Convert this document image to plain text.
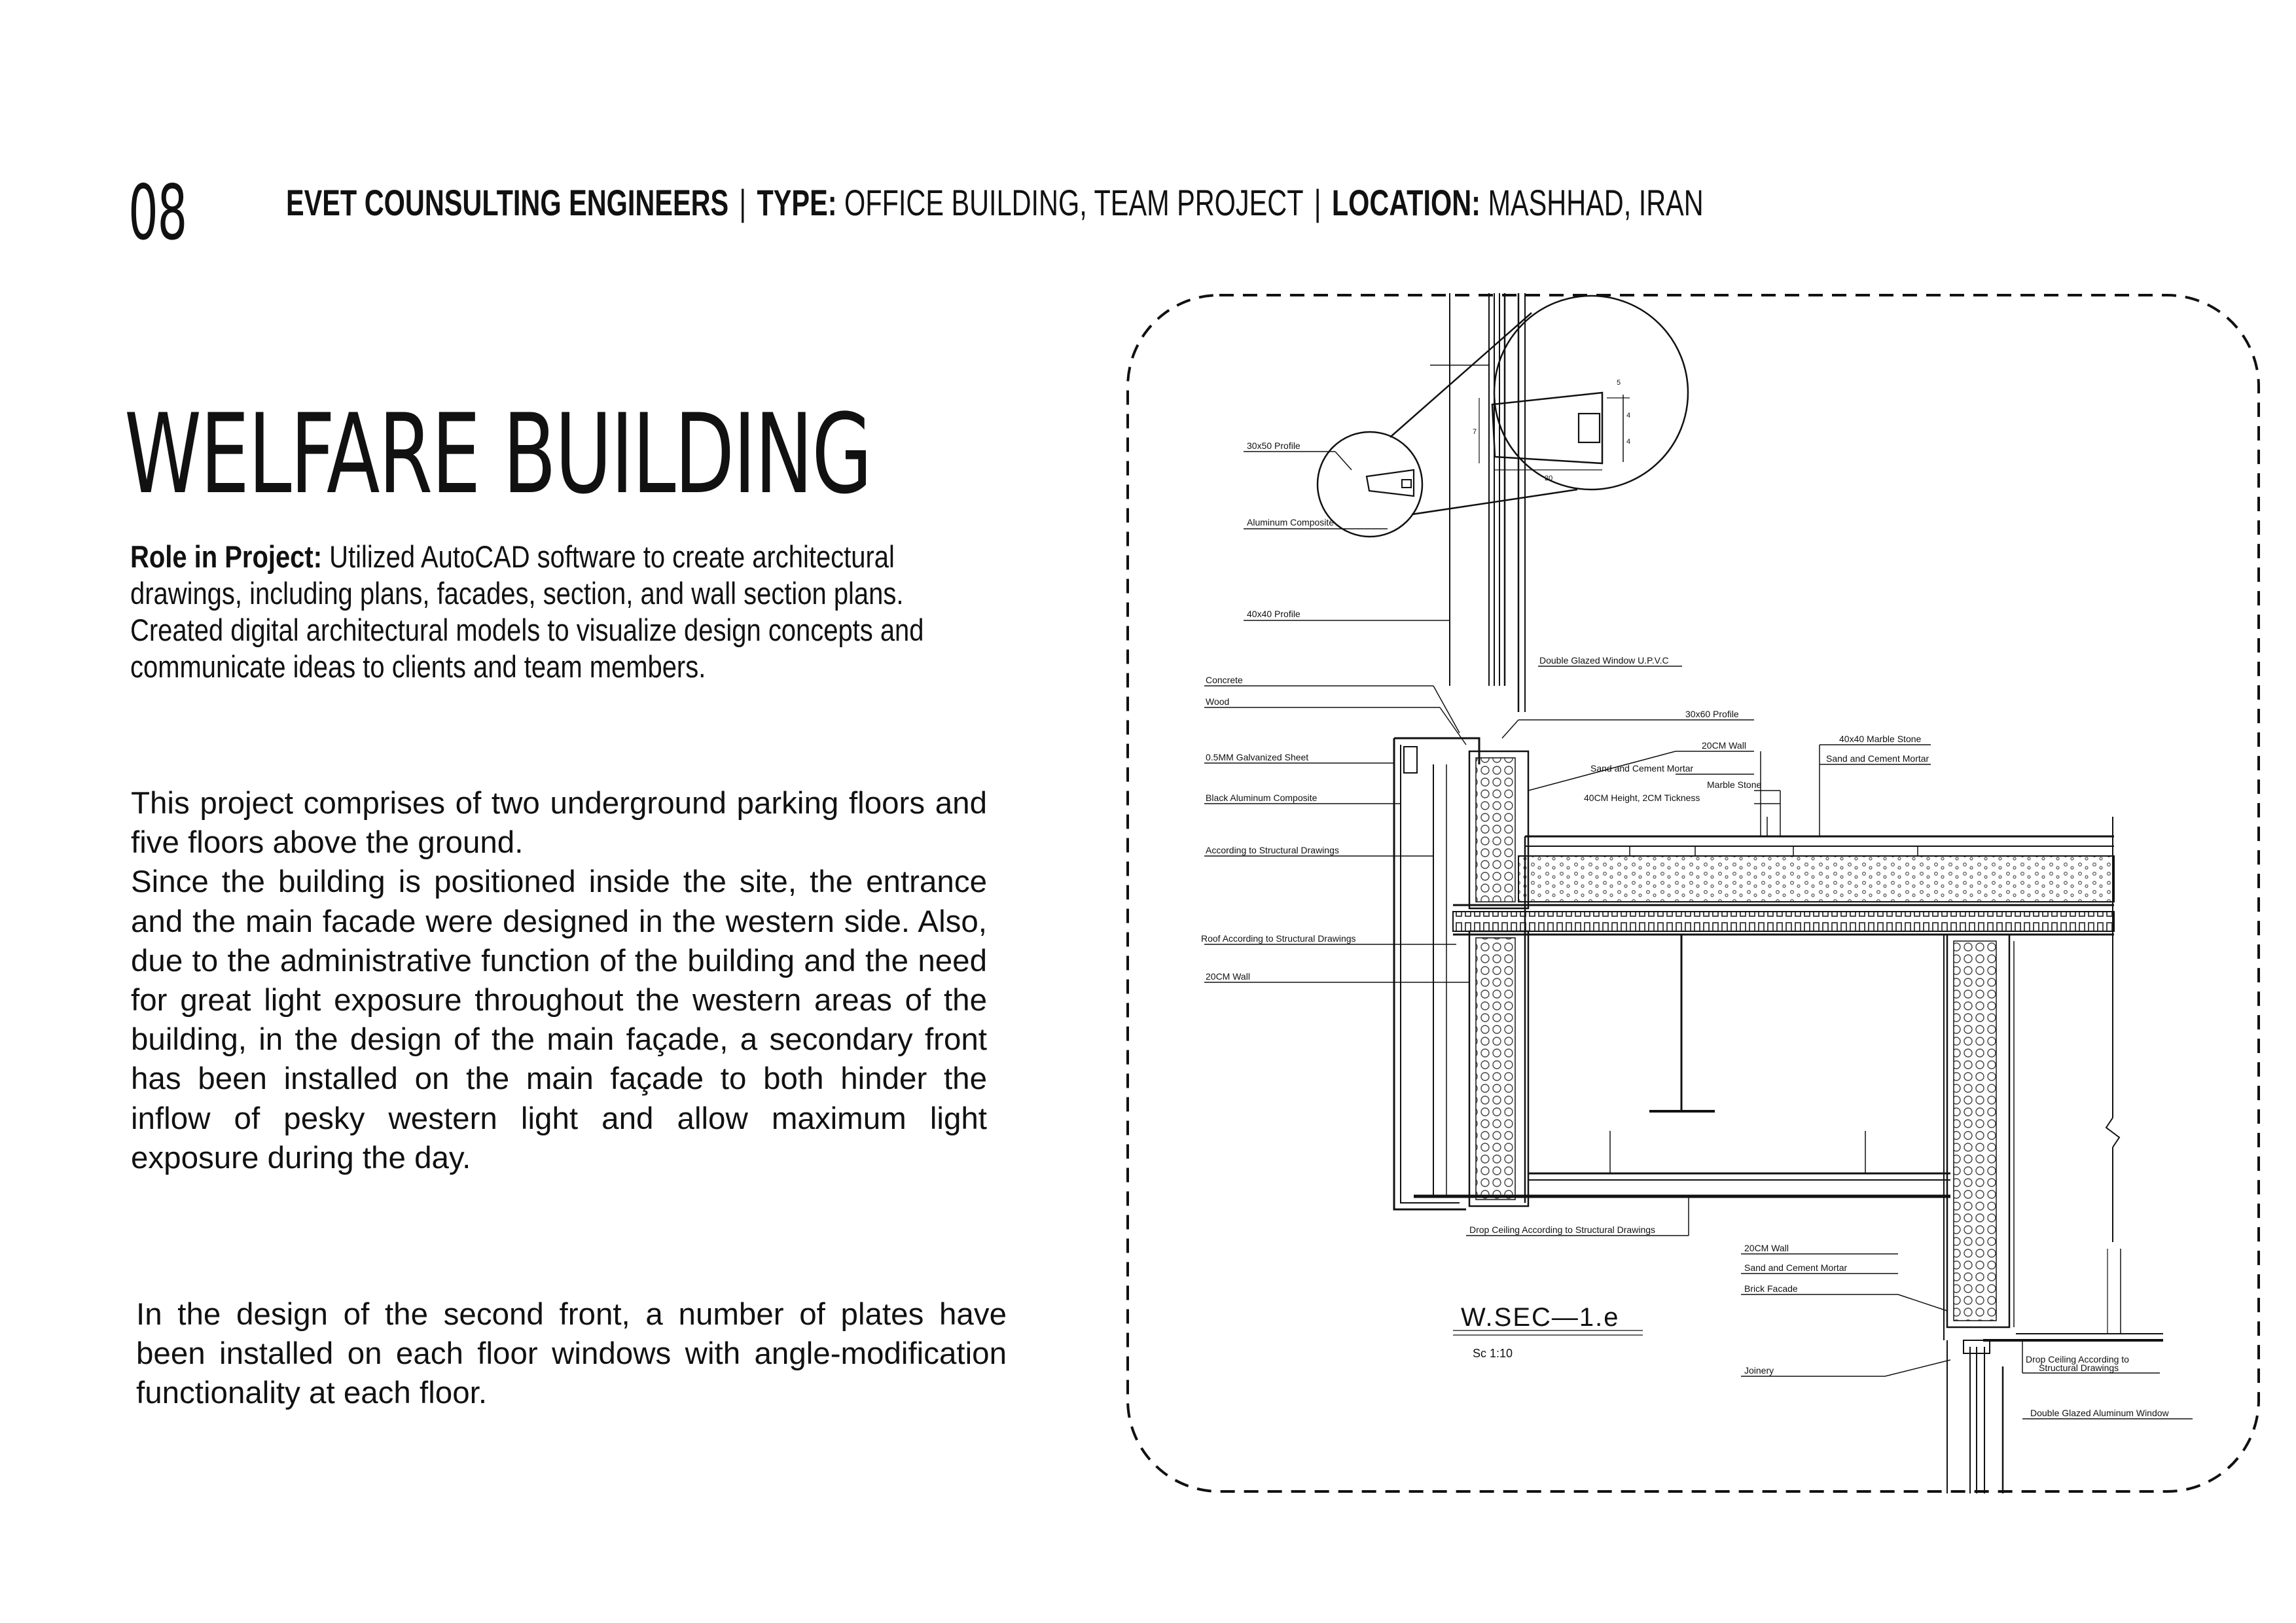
08	EVET COUNSULTING ENGINEERS | TYPE: OFFICE BUILDING, TEAM PROJECT | LOCATION: MASHHAD, IRAN
WELFARE BUILDING
Role in Project: Utilized AutoCAD software to create architectural drawings, including plans, facades, section, and wall section plans. Created digital architectural models to visualize design concepts and communicate ideas to clients and team members.
This project comprises of two underground parking floors and five floors above the ground.
Since the building is positioned inside the site, the entrance and the main facade were designed in the western side. Also, due to the administrative function of the building and the need for great light exposure throughout the western areas of the building, in the design of the main façade, a secondary front has been installed on the main façade to both hinder the inflow of pesky western light and allow maximum light exposure during the day.
In the design of the second front, a number of plates have been installed on each floor windows with angle-modification functionality at each floor.
30x50 Profile
Aluminum Composite
40x40 Profile
Concrete
Wood
0.5MM Galvanized Sheet
Black Aluminum Composite
According to Structural Drawings
Roof According to Structural Drawings
20CM Wall
Double Glazed Window U.P.V.C
30x60 Profile
20CM Wall
Sand and Cement Mortar
Marble Stone
40CM Height, 2CM Tickness
40x40 Marble Stone
Sand and Cement Mortar
Drop Ceiling According to Structural Drawings
20CM Wall
Sand and Cement Mortar
Brick Facade
Joinery
Drop Ceiling According to
Structural Drawings
Double Glazed Aluminum Window
5
4
4
7
20
W.SEC—1.e
Sc 1:10
